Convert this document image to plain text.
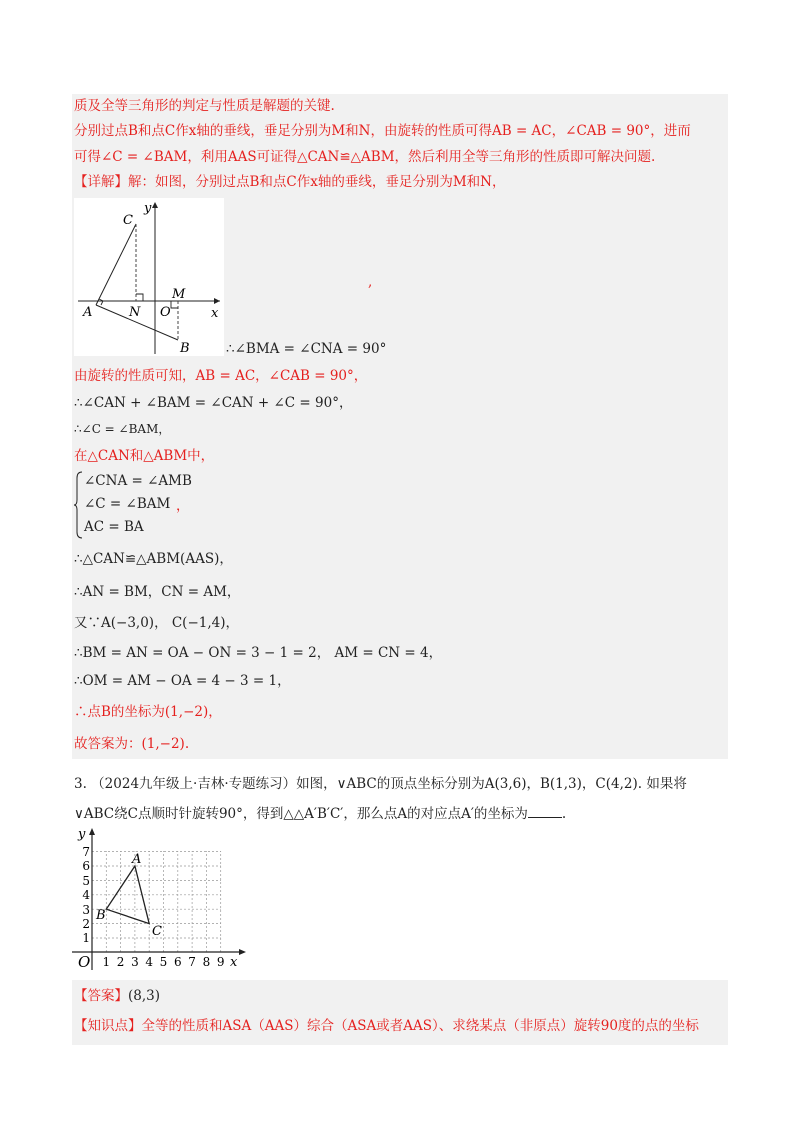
质及全等三角形的判定与性质是解题的关键.
分别过点B和点C作x轴的垂线，垂足分别为M和N，由旋转的性质可得AB = AC，∠CAB = 90°，进而
可得∠C = ∠BAM，利用AAS可证得△CAN≌△ABM，然后利用全等三角形的性质即可解决问题.
【详解】解：如图，分别过点B和点C作x轴的垂线，垂足分别为M和N，
C
y
M
A	N O	x
B
,
∴∠BMA = ∠CNA = 90°
由旋转的性质可知，AB = AC，∠CAB = 90°，
∴∠CAN + ∠BAM = ∠CAN + ∠C = 90°，
∴∠C = ∠BAM，
在△CAN和△ABM中，
∠CNA = ∠AMB
∠C = ∠BAM
AC = BA
，
∴△CAN≌△ABM(AAS)，
∴AN = BM，CN = AM，
又∵A(−3,0)， C(−1,4)，
∴BM = AN = OA − ON = 3 − 1 = 2， AM = CN = 4，
∴OM = AM − OA = 4 − 3 = 1，
∴点B的坐标为(1,−2)，
故答案为：(1,−2).
3. （2024九年级上·吉林·专题练习）如图，∨ABC的顶点坐标分别为A(3,6)，B(1,3)，C(4,2). 如果将
∨ABC绕C点顺时针旋转90°，得到△△A′B′C′，那么点A的对应点A′的坐标为	.
7
6
5
4
3
2
1
1 2 3 4 5 6 7 8 9
O	x
y
A
B
C
【答案】(8,3)
【知识点】全等的性质和ASA（AAS）综合（ASA或者AAS）、求绕某点（非原点）旋转90度的点的坐标
